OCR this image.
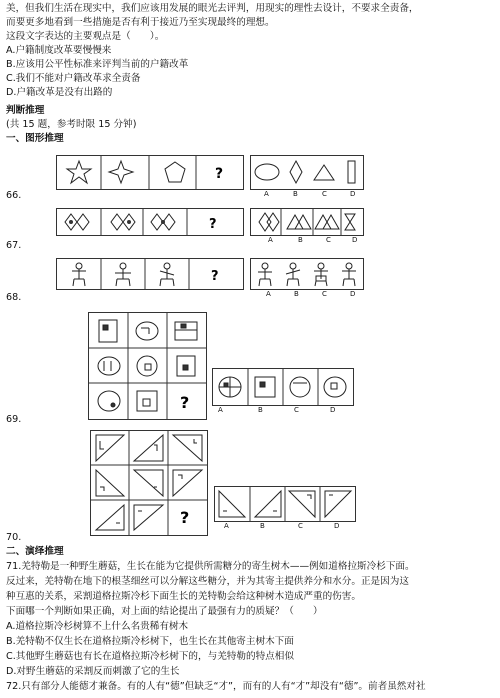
美，但我们生活在现实中，我们应该用发展的眼光去评判，用现实的理性去设计，不要求全责备，
而要更多地看到一些措施是否有利于接近乃至实现最终的理想。
这段文字表达的主要观点是（　　）。
A.户籍制度改革要慢慢来
B.应该用公平性标准来评判当前的户籍改革
C.我们不能对户籍改革求全责备
D.户籍改革是没有出路的
判断推理
(共 15 题，参考时限 15 分钟)
一、图形推理
66.
?
A	B	C	D
67.
?
A	B	C	D
68.
?
A	B	C	D
69.
?	A	B	C	D
70.
?	A	B	C	D
二、演绎推理
71.羌特勒是一种野生蘑菇，生长在能为它提供所需糖分的寄生树木——例如道格拉斯冷杉下面。
反过来，羌特勒在地下的根茎细丝可以分解这些糖分，并为其寄主提供养分和水分。正是因为这
种互惠的关系，采割道格拉斯冷杉下面生长的羌特勒会给这种树木造成严重的伤害。
下面哪一个判断如果正确，对上面的结论提出了最强有力的质疑？（　　）
A.道格拉斯冷杉树算不上什么名贵稀有树木
B.羌特勒不仅生长在道格拉斯冷杉树下，也生长在其他寄主树木下面
C.其他野生蘑菇也有长在道格拉斯冷杉树下的，与羌特勒的特点相似
D.对野生蘑菇的采割反而刺激了它的生长
72.只有部分人能德才兼备。有的人有“德”但缺乏“才”，而有的人有“才”却没有“德”。前者虽然对社
